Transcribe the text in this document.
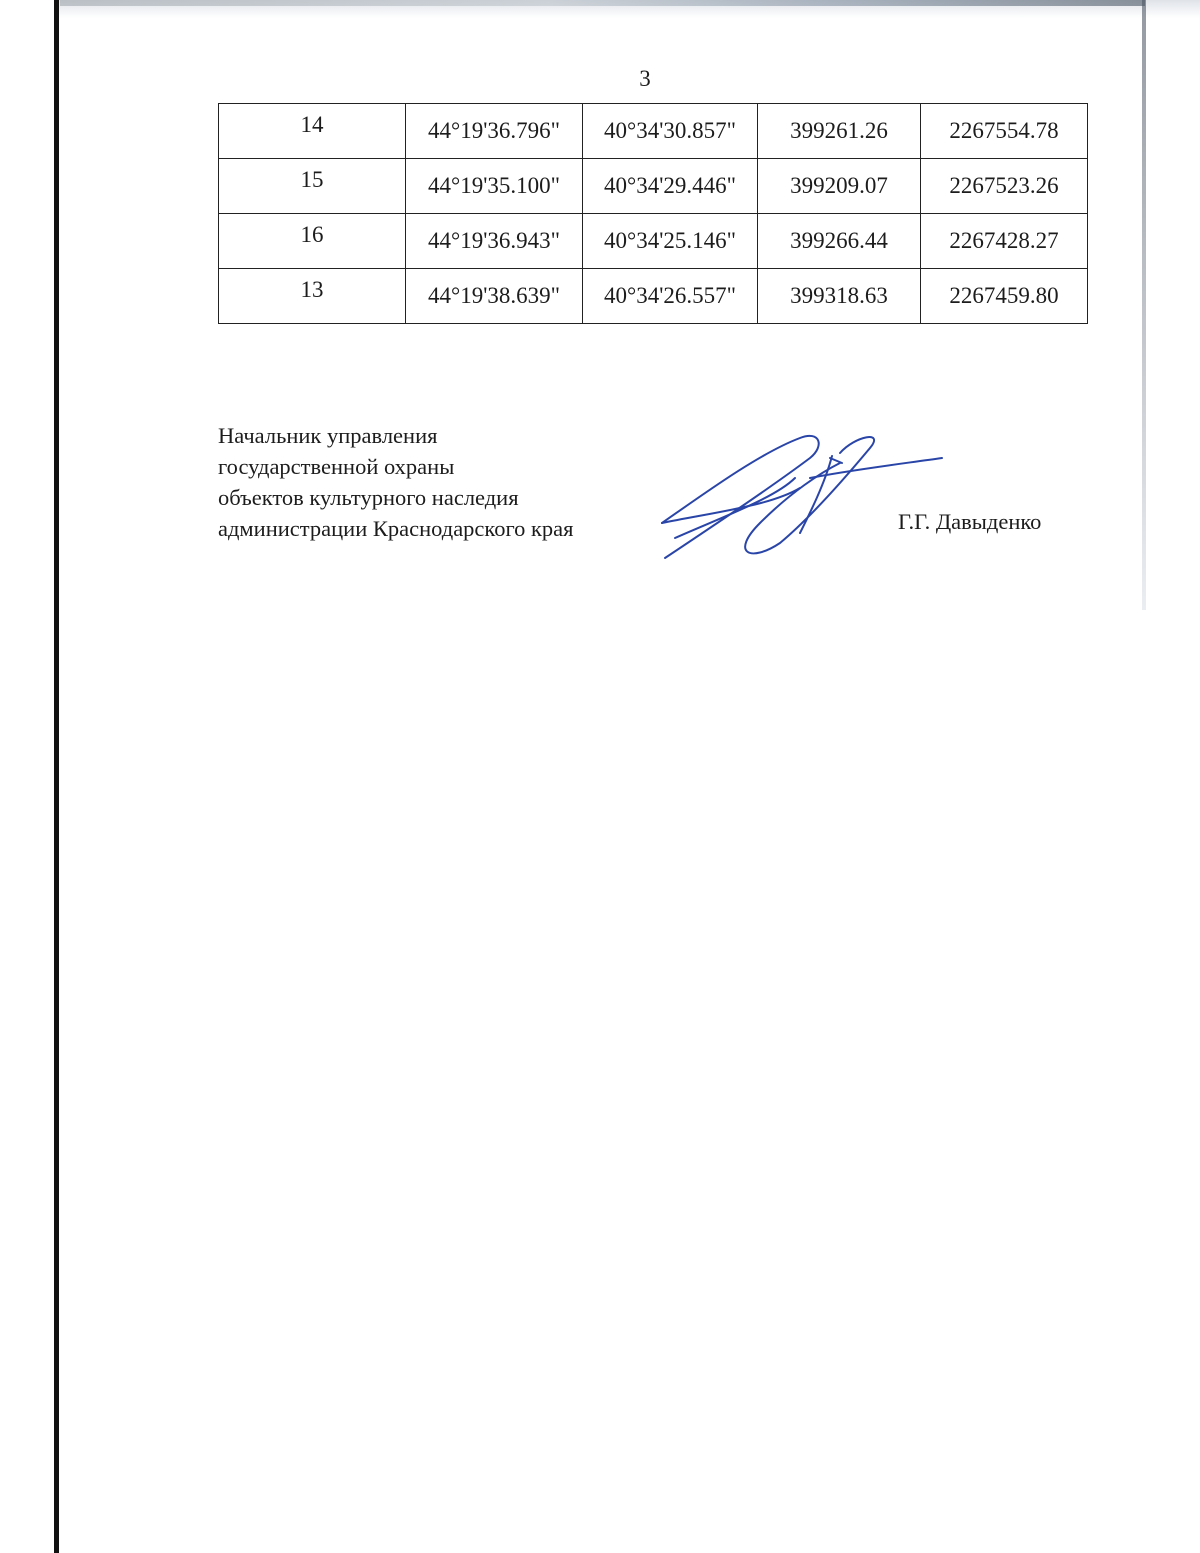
3
14	44°19'36.796"	40°34'30.857"	399261.26	2267554.78
15	44°19'35.100"	40°34'29.446"	399209.07	2267523.26
16	44°19'36.943"	40°34'25.146"	399266.44	2267428.27
13	44°19'38.639"	40°34'26.557"	399318.63	2267459.80
Начальник управления
государственной охраны
объектов культурного наследия
администрации Краснодарского края	Г.Г. Давыденко
